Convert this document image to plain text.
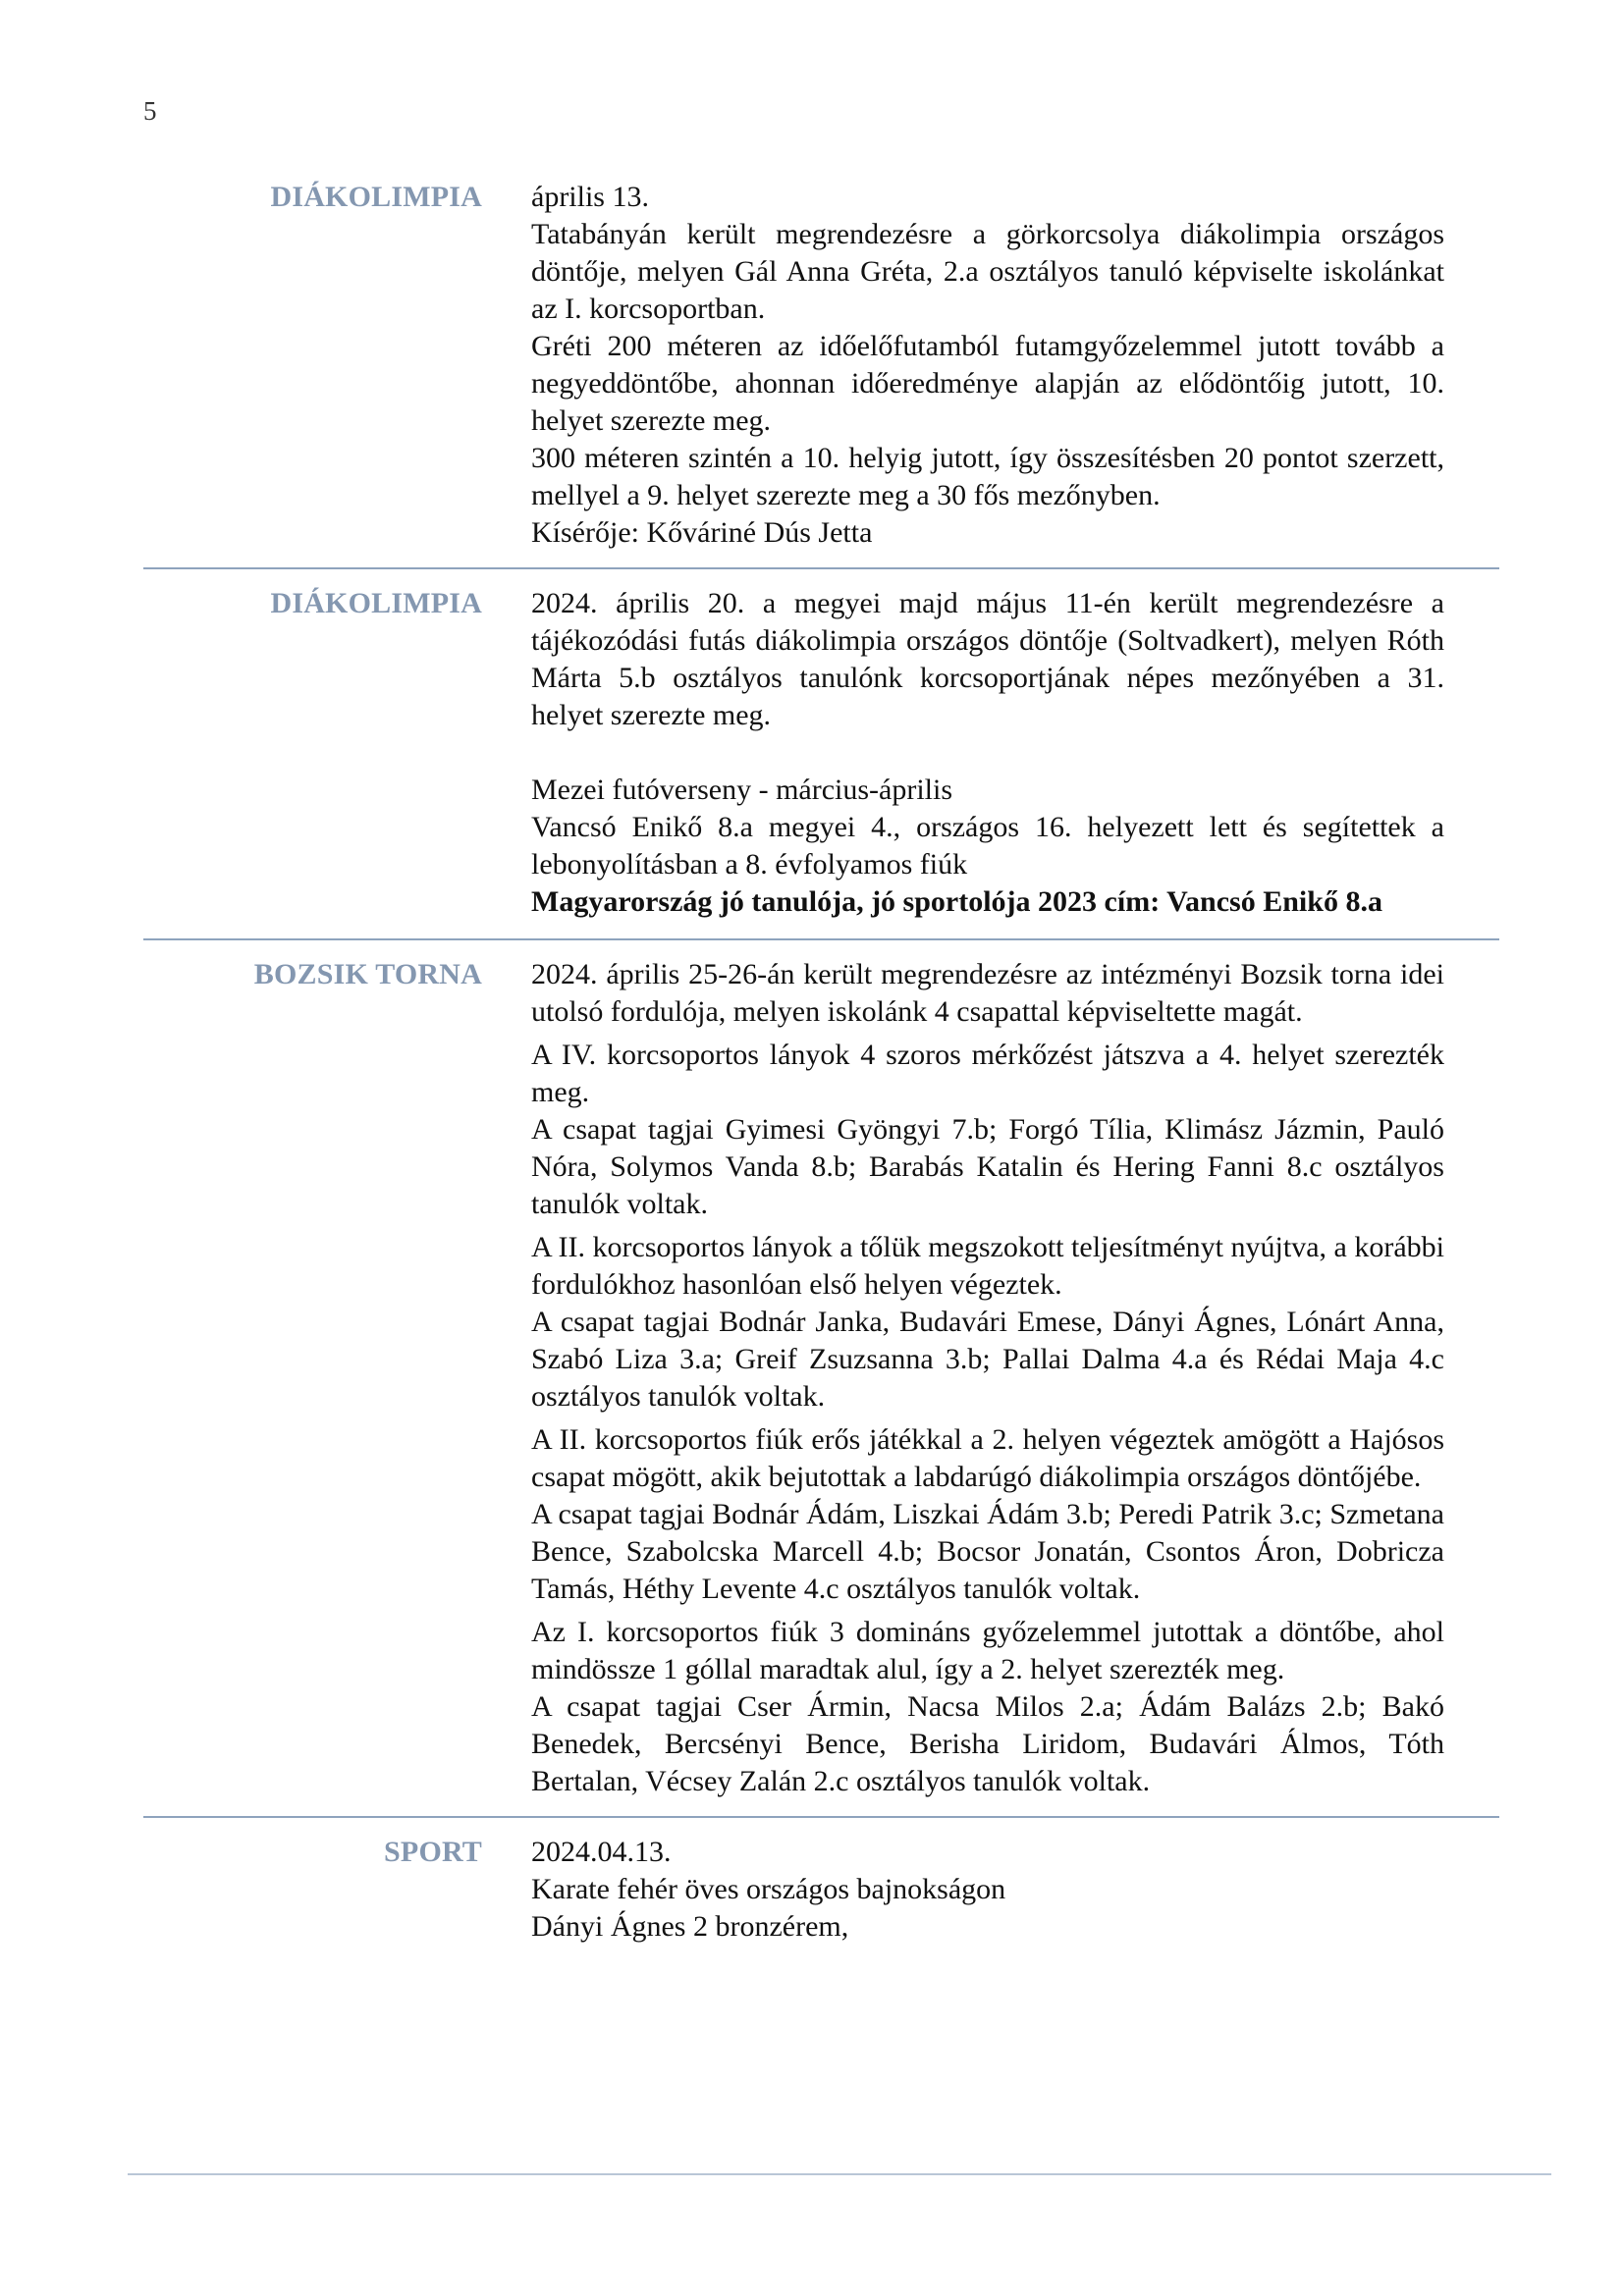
5
DIÁKOLIMPIA	április 13.

Tatabányán került megrendezésre a görkorcsolya diákolimpia országos döntője, melyen Gál Anna Gréta, 2.a osztályos tanuló képviselte iskolánkat az I. korcsoportban.

Gréti 200 méteren az időelőfutamból futamgyőzelemmel jutott tovább a negyeddöntőbe, ahonnan időeredménye alapján az elődöntőig jutott, 10. helyet szerezte meg.

300 méteren szintén a 10. helyig jutott, így összesítésben 20 pontot szerzett, mellyel a 9. helyet szerezte meg a 30 fős mezőnyben.

Kísérője: Kőváriné Dús Jetta

DIÁKOLIMPIA	2024. április 20. a megyei majd május 11-én került megrendezésre a tájékozódási futás diákolimpia országos döntője (Soltvadkert), melyen Róth Márta 5.b osztályos tanulónk korcsoportjának népes mezőnyében a 31. helyet szerezte meg.

Mezei futóverseny - március-április

Vancsó Enikő 8.a megyei 4., országos 16. helyezett lett és segítettek a lebonyolításban a 8. évfolyamos fiúk

Magyarország jó tanulója, jó sportolója 2023 cím: Vancsó Enikő 8.a

BOZSIK TORNA	2024. április 25-26-án került megrendezésre az intézményi Bozsik torna idei utolsó fordulója, melyen iskolánk 4 csapattal képviseltette magát.

A IV. korcsoportos lányok 4 szoros mérkőzést játszva a 4. helyet szerezték meg.

A csapat tagjai Gyimesi Gyöngyi 7.b; Forgó Tília, Klimász Jázmin, Pauló Nóra, Solymos Vanda 8.b; Barabás Katalin és Hering Fanni 8.c osztályos tanulók voltak.

A II. korcsoportos lányok a tőlük megszokott teljesítményt nyújtva, a korábbi fordulókhoz hasonlóan első helyen végeztek.

A csapat tagjai Bodnár Janka, Budavári Emese, Dányi Ágnes, Lónárt Anna, Szabó Liza 3.a; Greif Zsuzsanna 3.b; Pallai Dalma 4.a és Rédai Maja 4.c osztályos tanulók voltak.

A II. korcsoportos fiúk erős játékkal a 2. helyen végeztek amögött a Hajósos csapat mögött, akik bejutottak a labdarúgó diákolimpia országos döntőjébe.

A csapat tagjai Bodnár Ádám, Liszkai Ádám 3.b; Peredi Patrik 3.c; Szmetana Bence, Szabolcska Marcell 4.b; Bocsor Jonatán, Csontos Áron, Dobricza Tamás, Héthy Levente 4.c osztályos tanulók voltak.

Az I. korcsoportos fiúk 3 domináns győzelemmel jutottak a döntőbe, ahol mindössze 1 góllal maradtak alul, így a 2. helyet szerezték meg.

A csapat tagjai Cser Ármin, Nacsa Milos 2.a; Ádám Balázs 2.b; Bakó Benedek, Bercsényi Bence, Berisha Liridom, Budavári Álmos, Tóth Bertalan, Vécsey Zalán 2.c osztályos tanulók voltak.

SPORT	2024.04.13.

Karate fehér öves országos bajnokságon

Dányi Ágnes 2 bronzérem,
